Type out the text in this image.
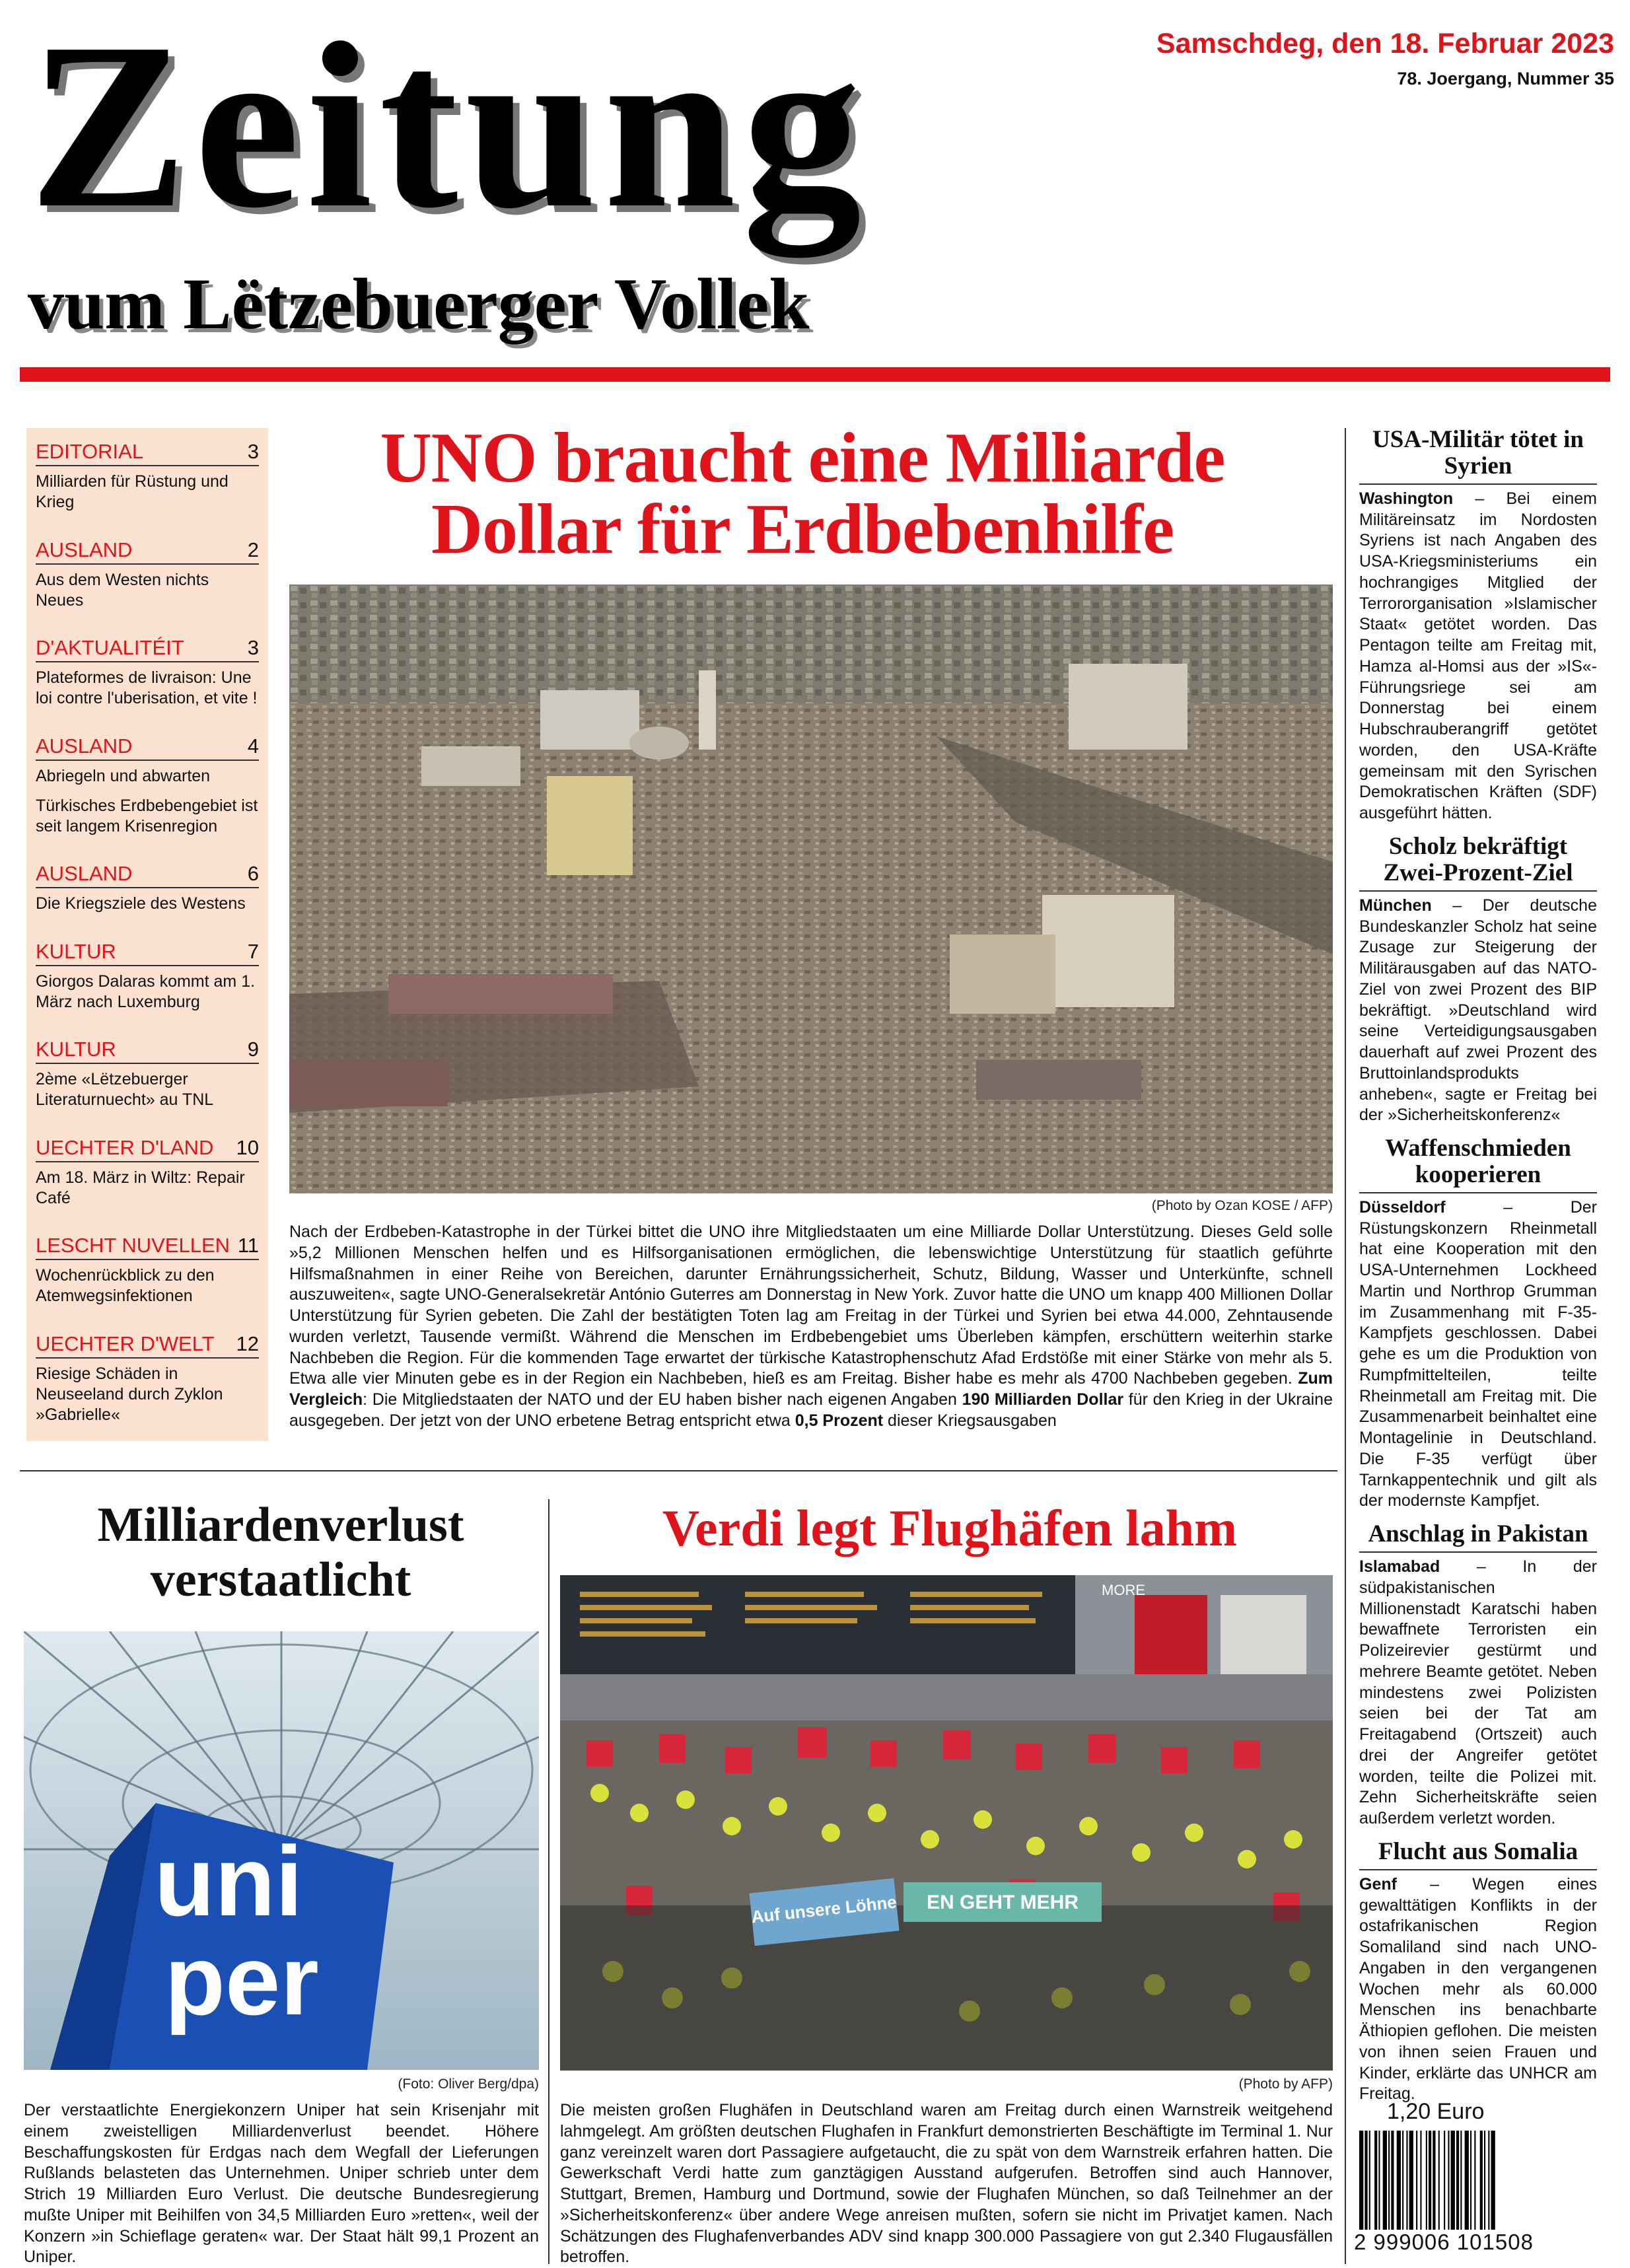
Zeitung
vum Lëtzebuerger Vollek
Samschdeg, den 18. Februar 2023
78. Joergang, Nummer 35
EDITORIAL	3
Milliarden für Rüstung und Krieg
AUSLAND	2
Aus dem Westen nichts Neues
D'AKTUALITÉIT	3
Plateformes de livraison: Une loi contre l'uberisation, et vite !
AUSLAND	4
Abriegeln und abwarten
Türkisches Erdbebengebiet ist seit langem Krisenregion
AUSLAND	6
Die Kriegsziele des Westens
KULTUR	7
Giorgos Dalaras kommt am 1. März nach Luxemburg
KULTUR	9
2ème «Lëtzebuerger Literaturnuecht» au TNL
UECHTER D'LAND 10
Am 18. März in Wiltz: Repair Café
LESCHT NUVELLEN 11
Wochenrückblick zu den Atemwegsinfektionen
UECHTER D'WELT 12
Riesige Schäden in Neuseeland durch Zyklon »Gabrielle«
UNO braucht eine Milliarde
Dollar für Erdbebenhilfe
(Photo by Ozan KOSE / AFP)
Nach der Erdbeben-Katastrophe in der Türkei bittet die UNO ihre Mitgliedstaaten um eine Milliarde Dollar Unterstützung. Dieses Geld solle »5,2 Millionen Menschen helfen und es Hilfsorganisationen ermöglichen, die lebenswichtige Unterstützung für staatlich geführte Hilfsmaßnahmen in einer Reihe von Bereichen, darunter Ernährungssicherheit, Schutz, Bildung, Wasser und Unterkünfte, schnell auszuweiten«, sagte UNO-Generalsekretär António Guterres am Donnerstag in New York. Zuvor hatte die UNO um knapp 400 Millionen Dollar Unterstützung für Syrien gebeten. Die Zahl der bestätigten Toten lag am Freitag in der Türkei und Syrien bei etwa 44.000, Zehntausende wurden verletzt, Tausende vermißt. Während die Menschen im Erdbebengebiet ums Überleben kämpfen, erschüttern weiterhin starke Nachbeben die Region. Für die kommenden Tage erwartet der türkische Katastrophenschutz Afad Erdstöße mit einer Stärke von mehr als 5. Etwa alle vier Minuten gebe es in der Region ein Nachbeben, hieß es am Freitag. Bisher habe es mehr als 4700 Nachbeben gegeben. Zum Vergleich: Die Mitgliedstaaten der NATO und der EU haben bisher nach eigenen Angaben 190 Milliarden Dollar für den Krieg in der Ukraine ausgegeben. Der jetzt von der UNO erbetene Betrag entspricht etwa 0,5 Prozent dieser Kriegsausgaben
USA-Militär tötet in Syrien
Washington – Bei einem Militäreinsatz im Nordosten Syriens ist nach Angaben des USA-Kriegsministeriums ein hochrangiges Mitglied der Terrororganisation »Islamischer Staat« getötet worden. Das Pentagon teilte am Freitag mit, Hamza al-Homsi aus der »IS«-Führungsriege sei am Donnerstag bei einem Hubschrauberangriff getötet worden, den USA-Kräfte gemeinsam mit den Syrischen Demokratischen Kräften (SDF) ausgeführt hätten.
Scholz bekräftigt Zwei-Prozent-Ziel
München – Der deutsche Bundeskanzler Scholz hat seine Zusage zur Steigerung der Militärausgaben auf das NATO-Ziel von zwei Prozent des BIP bekräftigt. »Deutschland wird seine Verteidigungsausgaben dauerhaft auf zwei Prozent des Bruttoinlandsprodukts anheben«, sagte er Freitag bei der »Sicherheitskonferenz«
Waffenschmieden kooperieren
Düsseldorf – Der Rüstungskonzern Rheinmetall hat eine Kooperation mit den USA-Unternehmen Lockheed Martin und Northrop Grumman im Zusammenhang mit F-35-Kampfjets geschlossen. Dabei gehe es um die Produktion von Rumpfmittelteilen, teilte Rheinmetall am Freitag mit. Die Zusammenarbeit beinhaltet eine Montagelinie in Deutschland. Die F-35 verfügt über Tarnkappentechnik und gilt als der modernste Kampfjet.
Anschlag in Pakistan
Islamabad – In der südpakistanischen Millionenstadt Karatschi haben bewaffnete Terroristen ein Polizeirevier gestürmt und mehrere Beamte getötet. Neben mindestens zwei Polizisten seien bei der Tat am Freitagabend (Ortszeit) auch drei der Angreifer getötet worden, teilte die Polizei mit. Zehn Sicherheitskräfte seien außerdem verletzt worden.
Flucht aus Somalia
Genf – Wegen eines gewalttätigen Konflikts in der ostafrikanischen Region Somaliland sind nach UNO-Angaben in den vergangenen Wochen mehr als 60.000 Menschen ins benachbarte Äthiopien geflohen. Die meisten von ihnen seien Frauen und Kinder, erklärte das UNHCR am Freitag.
Milliardenverlust
verstaatlicht
uni
per
(Foto: Oliver Berg/dpa)
Der verstaatlichte Energiekonzern Uniper hat sein Krisenjahr mit einem zweistelligen Milliardenverlust beendet. Höhere Beschaffungskosten für Erdgas nach dem Wegfall der Lieferungen Rußlands belasteten das Unternehmen. Uniper schrieb unter dem Strich 19 Milliarden Euro Verlust. Die deutsche Bundesregierung mußte Uniper mit Beihilfen von 34,5 Milliarden Euro »retten«, weil der Konzern »in Schieflage geraten« war. Der Staat hält 99,1 Prozent an Uniper.
Verdi legt Flughäfen lahm
MORE
Auf unsere Löhne EN GEHT MEHR
(Photo by AFP)
Die meisten großen Flughäfen in Deutschland waren am Freitag durch einen Warnstreik weitgehend lahmgelegt. Am größten deutschen Flughafen in Frankfurt demonstrierten Beschäftigte im Terminal 1. Nur ganz vereinzelt waren dort Passagiere aufgetaucht, die zu spät von dem Warnstreik erfahren hatten. Die Gewerkschaft Verdi hatte zum ganztägigen Ausstand aufgerufen. Betroffen sind auch Hannover, Stuttgart, Bremen, Hamburg und Dortmund, sowie der Flughafen München, so daß Teilnehmer an der »Sicherheitskonferenz« über andere Wege anreisen mußten, sofern sie nicht im Privatjet kamen. Nach Schätzungen des Flughafenverbandes ADV sind knapp 300.000 Passagiere von gut 2.340 Flugausfällen betroffen.
1,20 Euro
2 999006 101508
